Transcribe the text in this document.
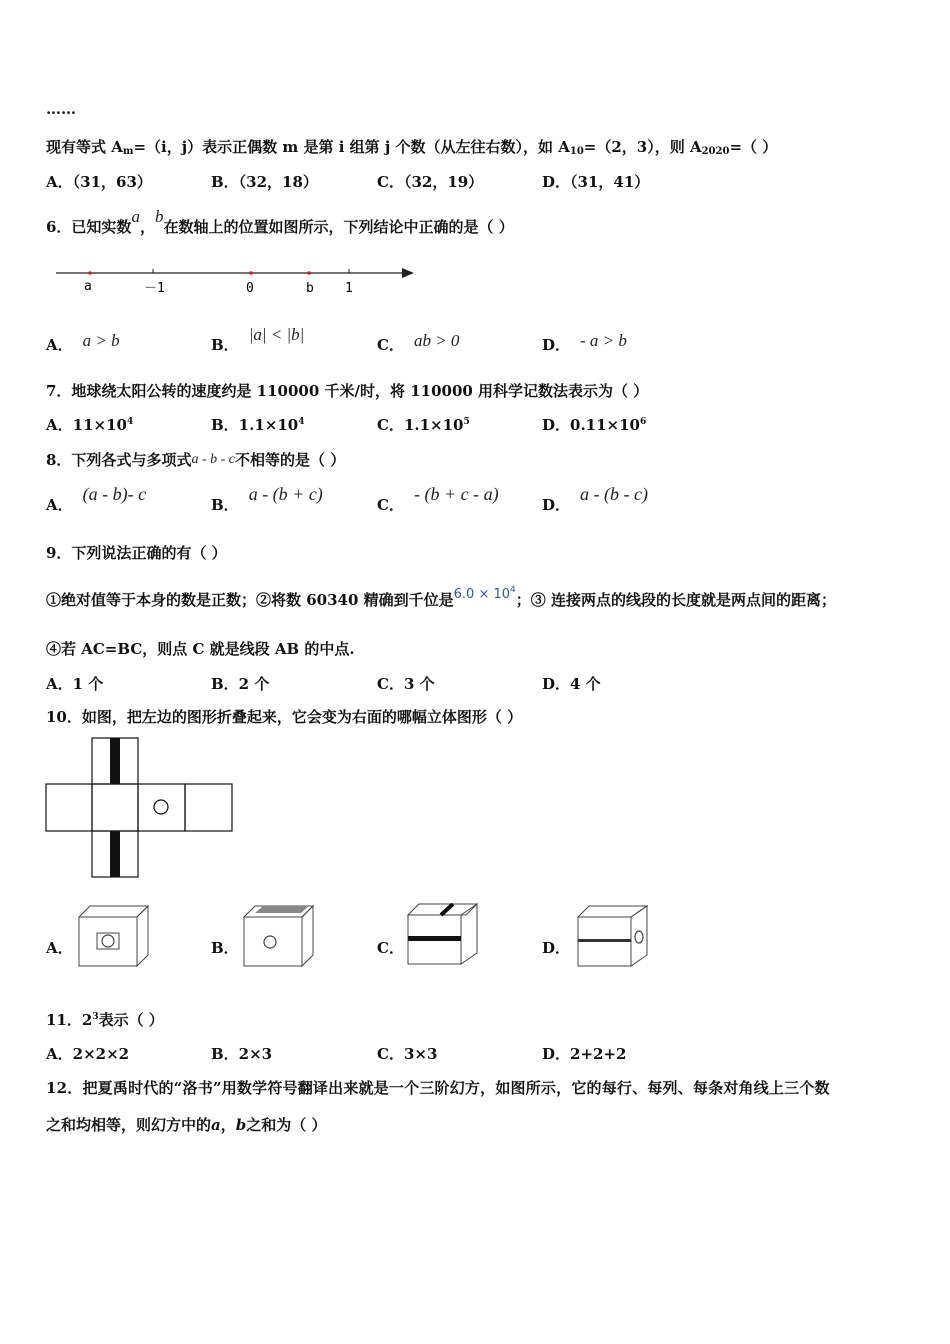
……
现有等式 Am=（i，j）表示正偶数 m 是第 i 组第 j 个数（从左往右数），如 A10=（2，3），则 A2020=（ ）
A．（31，63）	B．（32，18）	C．（32，19）	D．（31，41）
6．已知实数a，b在数轴上的位置如图所示，下列结论中正确的是（ ）
a	－1	0	b 1
A． a > b	B．|a| < |b|
C． ab > 0	D． - a > b
7．地球绕太阳公转的速度约是 110000 千米/时，将 110000 用科学记数法表示为（ ）
A．$11\times 10^4$	B．$1.1\times 10^4$	C．$1.1\times 10^5$	D．$0.11\times 10^6$
8．下列各式与多项式a - b - c不相等的是（ ）
A．(a - b)- c
B．a - (b + c)
C．- (b + c - a)
D．a - (b - c)
9．下列说法正确的有（ ）
①绝对值等于本身的数是正数；②将数 60340 精确到千位是$6.0 \times 10^4$；③ 连接两点的线段的长度就是两点间的距离；
④若 AC=BC，则点 C 就是线段 AB 的中点.
A．1 个	B．2 个	C．3 个	D．4 个
10．如图，把左边的图形折叠起来，它会变为右面的哪幅立体图形（ ）
A．	B．	C．	D．
11．$2^3$表示（ ）
A．2×2×2	B．2×3	C．3×3	D．2+2+2
12．把夏禹时代的“洛书”用数学符号翻译出来就是一个三阶幻方，如图所示，它的每行、每列、每条对角线上三个数
之和均相等，则幻方中的a，b之和为（ ）
